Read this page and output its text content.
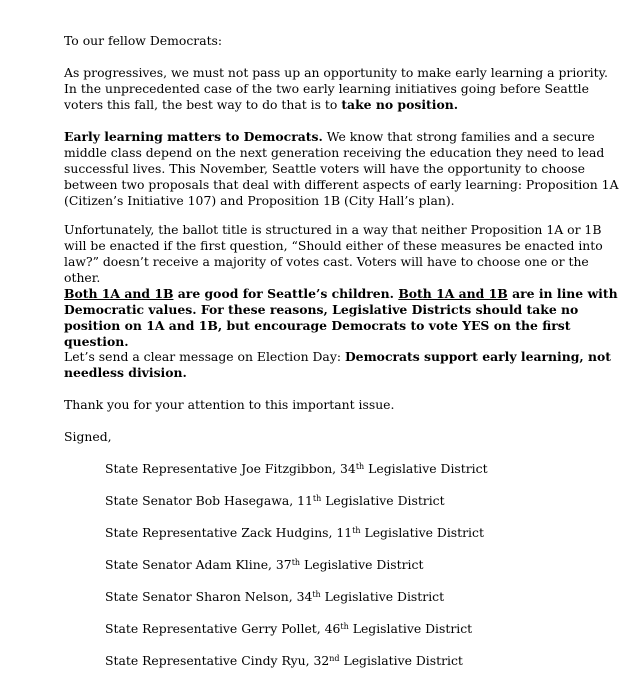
To our fellow Democrats:

As progressives, we must not pass up an opportunity to make early learning a priority. In the unprecedented case of the two early learning initiatives going before Seattle voters this fall, the best way to do that is to take no position.

Early learning matters to Democrats. We know that strong families and a secure middle class depend on the next generation receiving the education they need to lead successful lives. This November, Seattle voters will have the opportunity to choose between two proposals that deal with different aspects of early learning: Proposition 1A (Citizen’s Initiative 107) and Proposition 1B (City Hall’s plan).

Unfortunately, the ballot title is structured in a way that neither Proposition 1A or 1B will be enacted if the first question, “Should either of these measures be enacted into law?” doesn’t receive a majority of votes cast. Voters will have to choose one or the other.

Both 1A and 1B are good for Seattle’s children. Both 1A and 1B are in line with Democratic values. For these reasons, Legislative Districts should take no position on 1A and 1B, but encourage Democrats to vote YES on the first question.

Let’s send a clear message on Election Day: Democrats support early learning, not needless division.

Thank you for your attention to this important issue.

Signed,

State Representative Joe Fitzgibbon, 34th Legislative District

State Senator Bob Hasegawa, 11th Legislative District

State Representative Zack Hudgins, 11th Legislative District

State Senator Adam Kline, 37th Legislative District

State Senator Sharon Nelson, 34th Legislative District

State Representative Gerry Pollet, 46th Legislative District

State Representative Cindy Ryu, 32nd Legislative District
